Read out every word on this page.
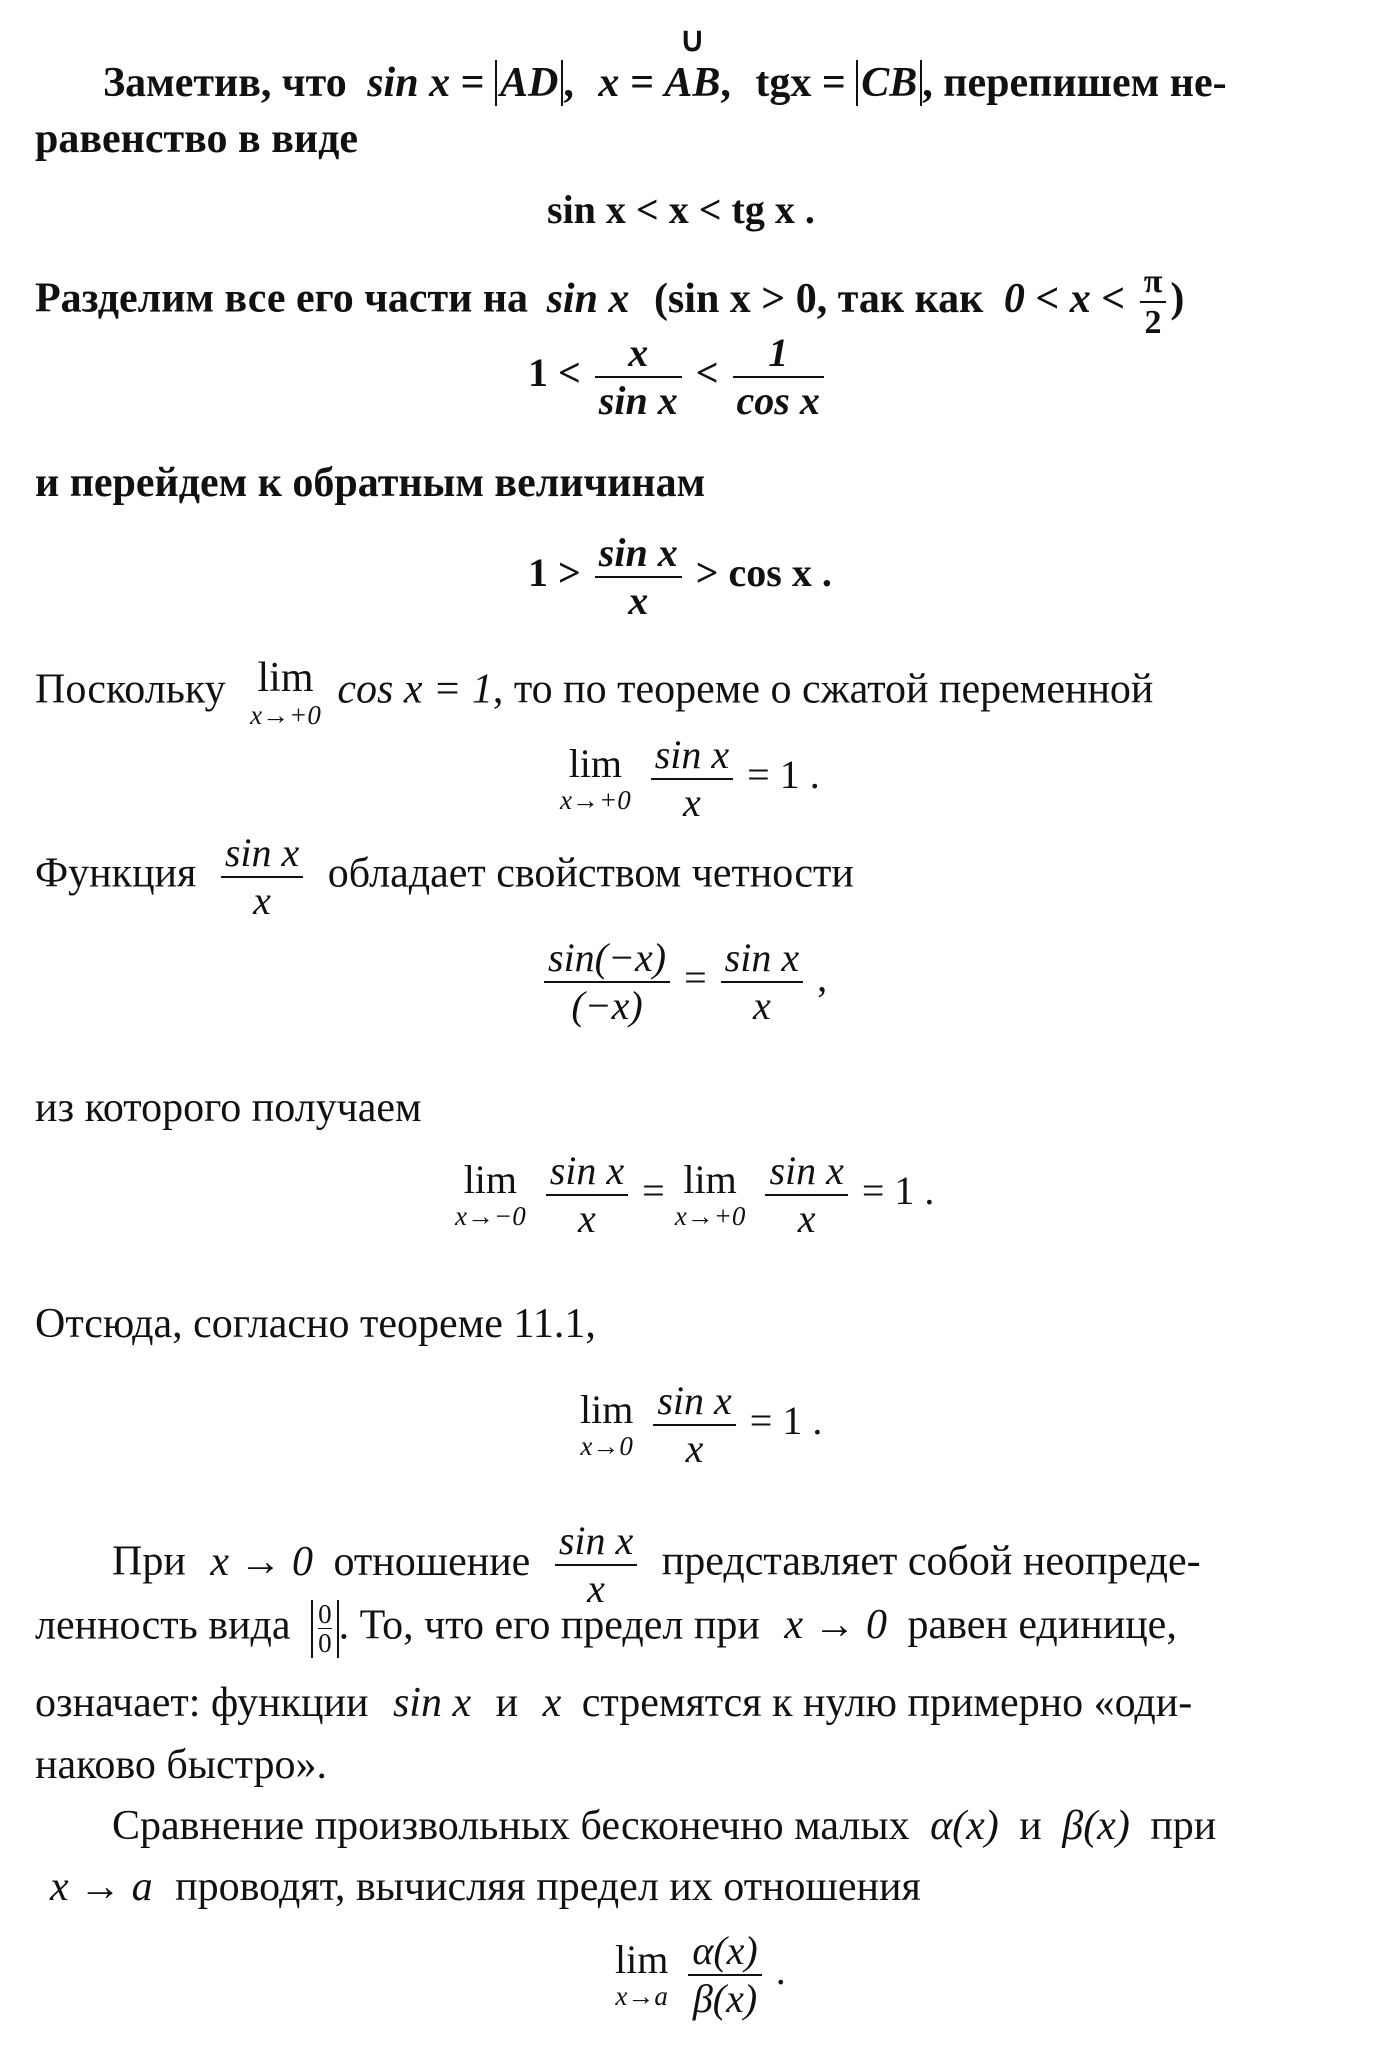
Заметив, что sin x = AD , x =
∪
AB, tgx = CB , перепишем не-
равенство в виде
sin x < x < tg x .
Разделим все его части на sin x (sin x > 0, так как $0 < x < \frac{\pi}{2}$ )
$1 < \frac{x}{\text{sin x}} < \frac{1}{\text{cos x}}$
и перейдем к обратным величинам
$1 > \frac{\text{sin x}}{x} > \cos x$ .
Поскольку lim
x→+0
cos x = 1, то по теореме о сжатой переменной
lim
x→+0
$\frac{\text{sin x}}{x} = 1$ .
Функция $\frac{\text{sin x}}{x}$ обладает свойством четности
$\frac{\sin(-x)}{(-x)} = \frac{\text{sin x}}{x}$ ,
из которого получаем
lim
x→−0
$\frac{\text{sin x}}{x} = \lim$
x→+0
$\frac{\text{sin x}}{x} = 1$ .
Отсюда, согласно теореме 11.1,
lim
x→0
$\frac{\text{sin x}}{x} = 1$ .
При x → 0 отношение $\frac{\text{sin x}}{x}$ представляет собой неопреде-
ленность вида $\frac{0}{0}$ . То, что его предел при x → 0 равен единице,
означает: функции sin x и x стремятся к нулю примерно «оди-
наково быстро».
Сравнение произвольных бесконечно малых α(x) и β(x) при
x → a проводят, вычисляя предел их отношения
lim
x→a
$\frac{\alpha(x)}{\beta(x)}$ .
